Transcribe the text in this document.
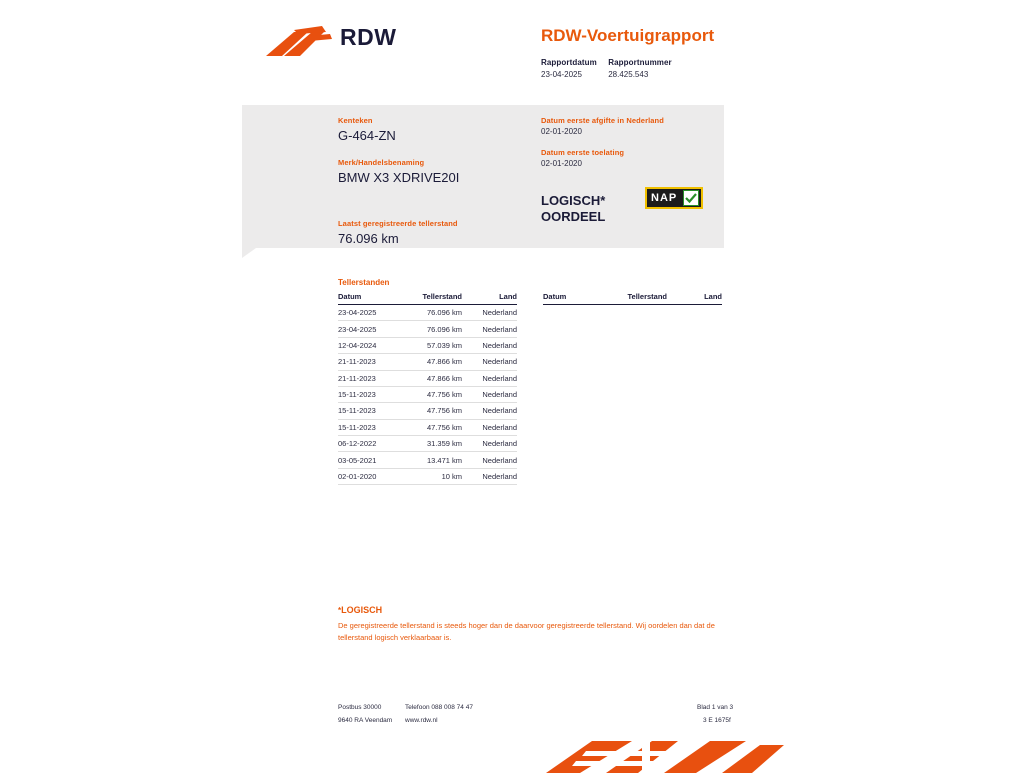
RDW	RDW-Voertuigrapport
Rapportdatum
23-04-2025

Rapportnummer
28.425.543
Kenteken
G-464-ZN
Merk/Handelsbenaming
BMW X3 XDRIVE20I
Laatst geregistreerde tellerstand
76.096 km
Datum eerste afgifte in Nederland
02-01-2020
Datum eerste toelating
02-01-2020
LOGISCH*
OORDEEL
NAP
Tellerstanden
Datum	Tellerstand	Land
23-04-2025	76.096 km	Nederland
23-04-2025	76.096 km	Nederland
12-04-2024	57.039 km	Nederland
21-11-2023	47.866 km	Nederland
21-11-2023	47.866 km	Nederland
15-11-2023	47.756 km	Nederland
15-11-2023	47.756 km	Nederland
15-11-2023	47.756 km	Nederland
06-12-2022	31.359 km	Nederland
03-05-2021	13.471 km	Nederland
02-01-2020	10 km	Nederland
Datum	Tellerstand	Land
*LOGISCH
De geregistreerde tellerstand is steeds hoger dan de daarvoor geregistreerde tellerstand. Wij oordelen dan dat de tellerstand logisch verklaarbaar is.
Postbus 30000	Telefoon 088 008 74 47
9640 RA Veendam www.rdw.nl
Blad 1 van 3
3 E 1675f
